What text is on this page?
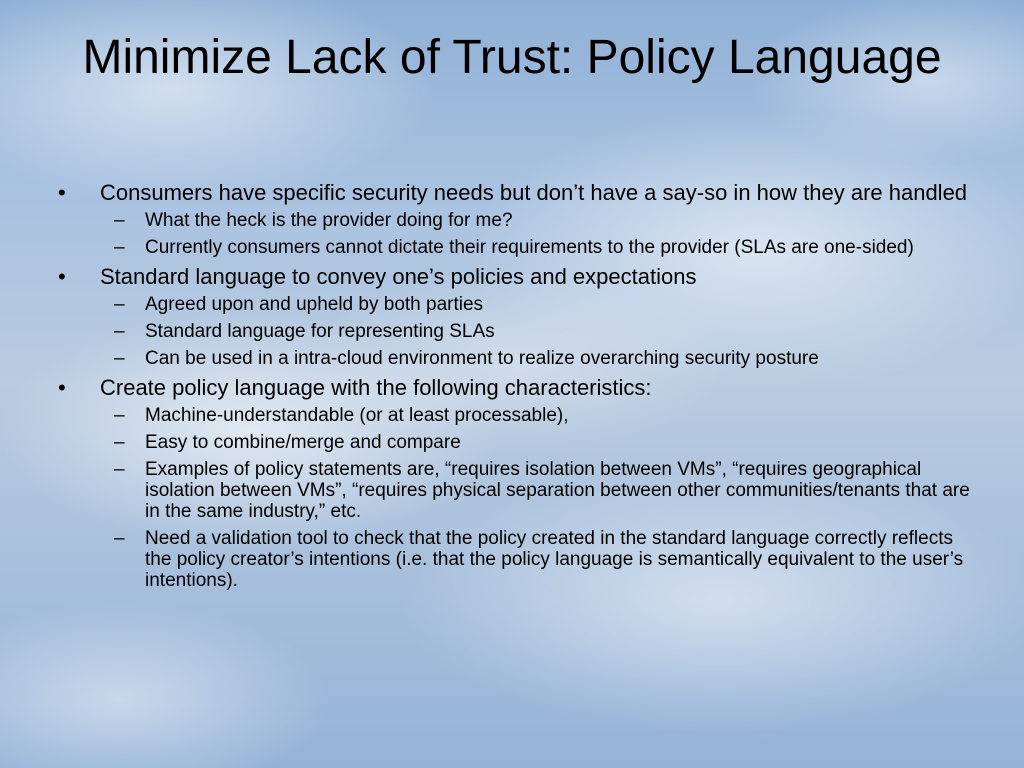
Minimize Lack of Trust: Policy Language
•	Consumers have specific security needs but don’t have a say-so in how they are handled
– What the heck is the provider doing for me?
– Currently consumers cannot dictate their requirements to the provider (SLAs are one-sided)
•	Standard language to convey one’s policies and expectations
– Agreed upon and upheld by both parties
– Standard language for representing SLAs
– Can be used in a intra-cloud environment to realize overarching security posture
•	Create policy language with the following characteristics:
– Machine-understandable (or at least processable),
– Easy to combine/merge and compare
– Examples of policy statements are, “requires isolation between VMs”, “requires geographical isolation between VMs”, “requires physical separation between other communities/tenants that are in the same industry,” etc.
– Need a validation tool to check that the policy created in the standard language correctly reflects the policy creator’s intentions (i.e. that the policy language is semantically equivalent to the user’s intentions).
